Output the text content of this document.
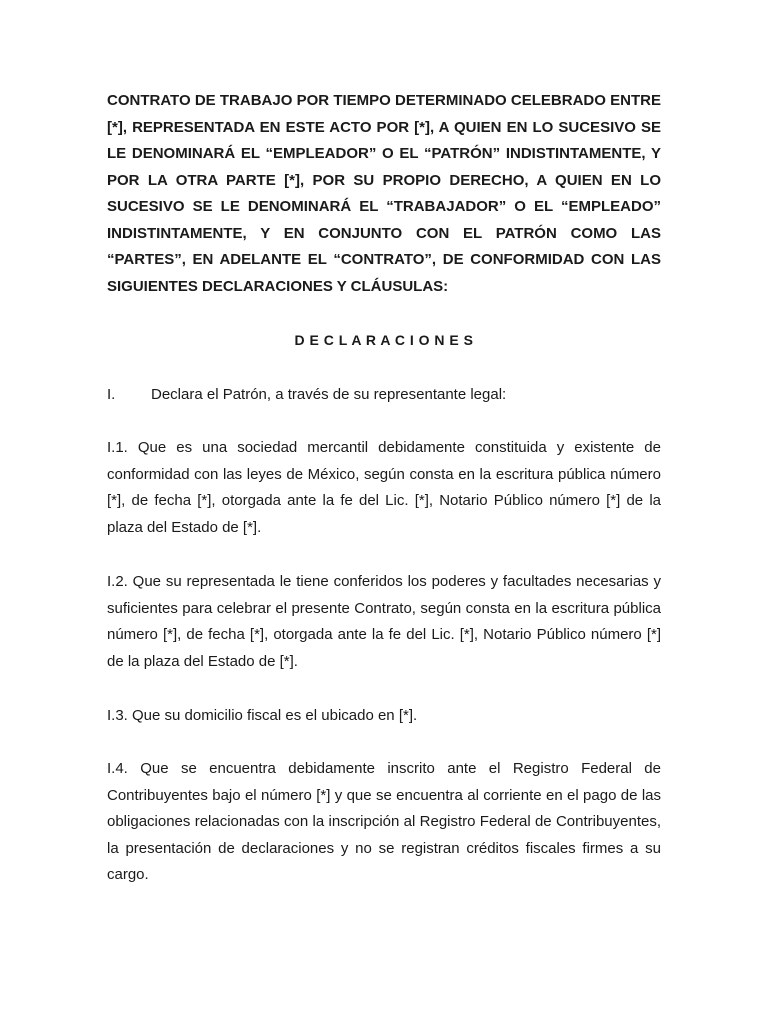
CONTRATO DE TRABAJO POR TIEMPO DETERMINADO CELEBRADO ENTRE [*], REPRESENTADA EN ESTE ACTO POR [*], A QUIEN EN LO SUCESIVO SE LE DENOMINARÁ EL “EMPLEADOR” O EL “PATRÓN” INDISTINTAMENTE, Y POR LA OTRA PARTE [*], POR SU PROPIO DERECHO, A QUIEN EN LO SUCESIVO SE LE DENOMINARÁ EL “TRABAJADOR” O EL “EMPLEADO” INDISTINTAMENTE, Y EN CONJUNTO CON EL PATRÓN COMO LAS “PARTES”, EN ADELANTE EL “CONTRATO”, DE CONFORMIDAD CON LAS SIGUIENTES DECLARACIONES Y CLÁUSULAS:

D E C L A R A C I O N E S

I. Declara el Patrón, a través de su representante legal:

I.1. Que es una sociedad mercantil debidamente constituida y existente de conformidad con las leyes de México, según consta en la escritura pública número [*], de fecha [*], otorgada ante la fe del Lic. [*], Notario Público número [*] de la plaza del Estado de [*].

I.2. Que su representada le tiene conferidos los poderes y facultades necesarias y suficientes para celebrar el presente Contrato, según consta en la escritura pública número [*], de fecha [*], otorgada ante la fe del Lic. [*], Notario Público número [*] de la plaza del Estado de [*].

I.3. Que su domicilio fiscal es el ubicado en [*].

I.4. Que se encuentra debidamente inscrito ante el Registro Federal de Contribuyentes bajo el número [*] y que se encuentra al corriente en el pago de las obligaciones relacionadas con la inscripción al Registro Federal de Contribuyentes, la presentación de declaraciones y no se registran créditos fiscales firmes a su cargo.
